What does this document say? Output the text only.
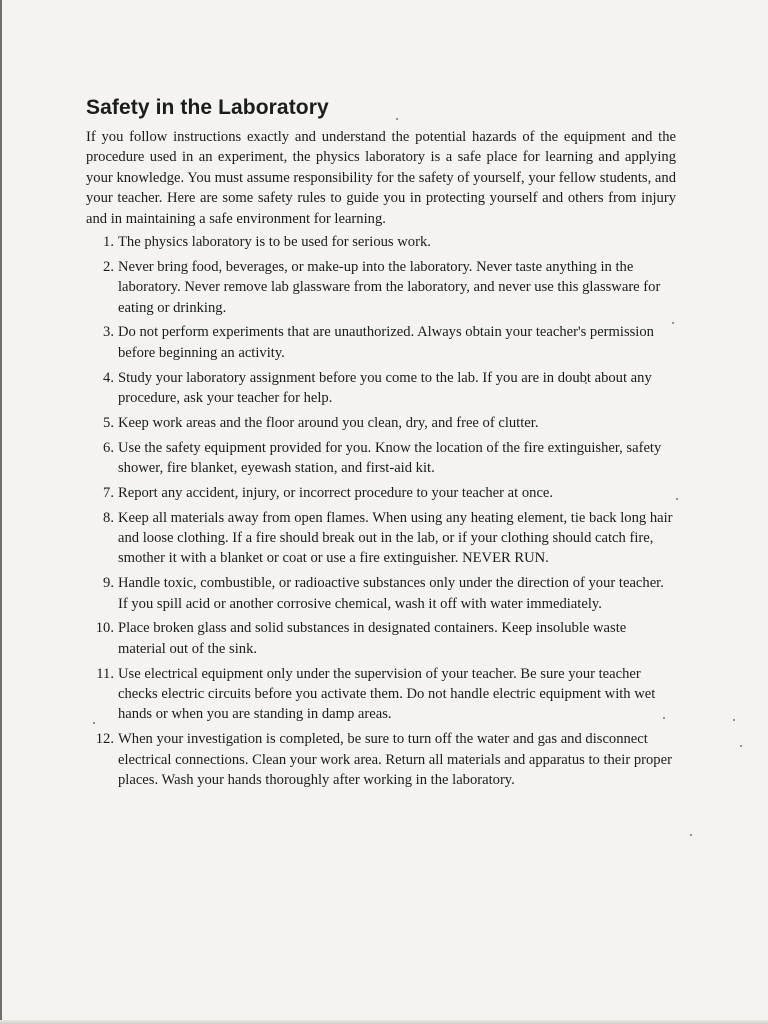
Safety in the Laboratory

If you follow instructions exactly and understand the potential hazards of the equipment and the procedure used in an experiment, the physics laboratory is a safe place for learning and applying your knowledge. You must assume responsibility for the safety of yourself, your fellow students, and your teacher. Here are some safety rules to guide you in protecting yourself and others from injury and in maintaining a safe environment for learning.

1. The physics laboratory is to be used for serious work.
2. Never bring food, beverages, or make-up into the laboratory. Never taste anything in the laboratory. Never remove lab glassware from the laboratory, and never use this glassware for eating or drinking.
3. Do not perform experiments that are unauthorized. Always obtain your teacher's permission before beginning an activity.
4. Study your laboratory assignment before you come to the lab. If you are in doubt about any procedure, ask your teacher for help.
5. Keep work areas and the floor around you clean, dry, and free of clutter.
6. Use the safety equipment provided for you. Know the location of the fire extinguisher, safety shower, fire blanket, eyewash station, and first-aid kit.
7. Report any accident, injury, or incorrect procedure to your teacher at once.
8. Keep all materials away from open flames. When using any heating element, tie back long hair and loose clothing. If a fire should break out in the lab, or if your clothing should catch fire, smother it with a blanket or coat or use a fire extinguisher. NEVER RUN.
9. Handle toxic, combustible, or radioactive substances only under the direction of your teacher. If you spill acid or another corrosive chemical, wash it off with water immediately.
10. Place broken glass and solid substances in designated containers. Keep insoluble waste material out of the sink.
11. Use electrical equipment only under the supervision of your teacher. Be sure your teacher checks electric circuits before you activate them. Do not handle electric equipment with wet hands or when you are standing in damp areas.
12. When your investigation is completed, be sure to turn off the water and gas and disconnect electrical connections. Clean your work area. Return all materials and apparatus to their proper places. Wash your hands thoroughly after working in the laboratory.
